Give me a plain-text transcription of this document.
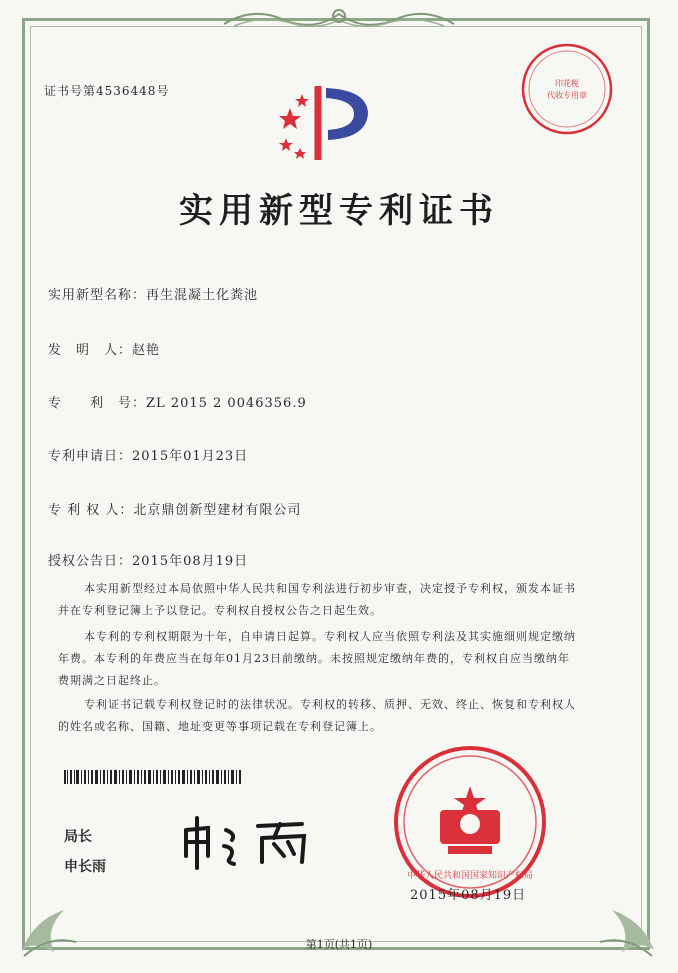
证书号第4536448号
印花税
代收专用章
实用新型专利证书
实用新型名称：再生混凝土化粪池
发　明　人：赵艳
专　　利　号：ZL 2015 2 0046356.9
专利申请日：2015年01月23日
专 利 权 人：北京鼎创新型建材有限公司
授权公告日：2015年08月19日
本实用新型经过本局依照中华人民共和国专利法进行初步审查，决定授予专利权，颁发本证书并在专利登记簿上予以登记。专利权自授权公告之日起生效。
本专利的专利权期限为十年，自申请日起算。专利权人应当依照专利法及其实施细则规定缴纳年费。本专利的年费应当在每年01月23日前缴纳。未按照规定缴纳年费的，专利权自应当缴纳年费期满之日起终止。
专利证书记载专利权登记时的法律状况。专利权的转移、质押、无效、终止、恢复和专利权人的姓名或名称、国籍、地址变更等事项记载在专利登记簿上。
局长
申长雨
中华人民共和国国家知识产权局
2015年08月19日
第1页(共1页)
